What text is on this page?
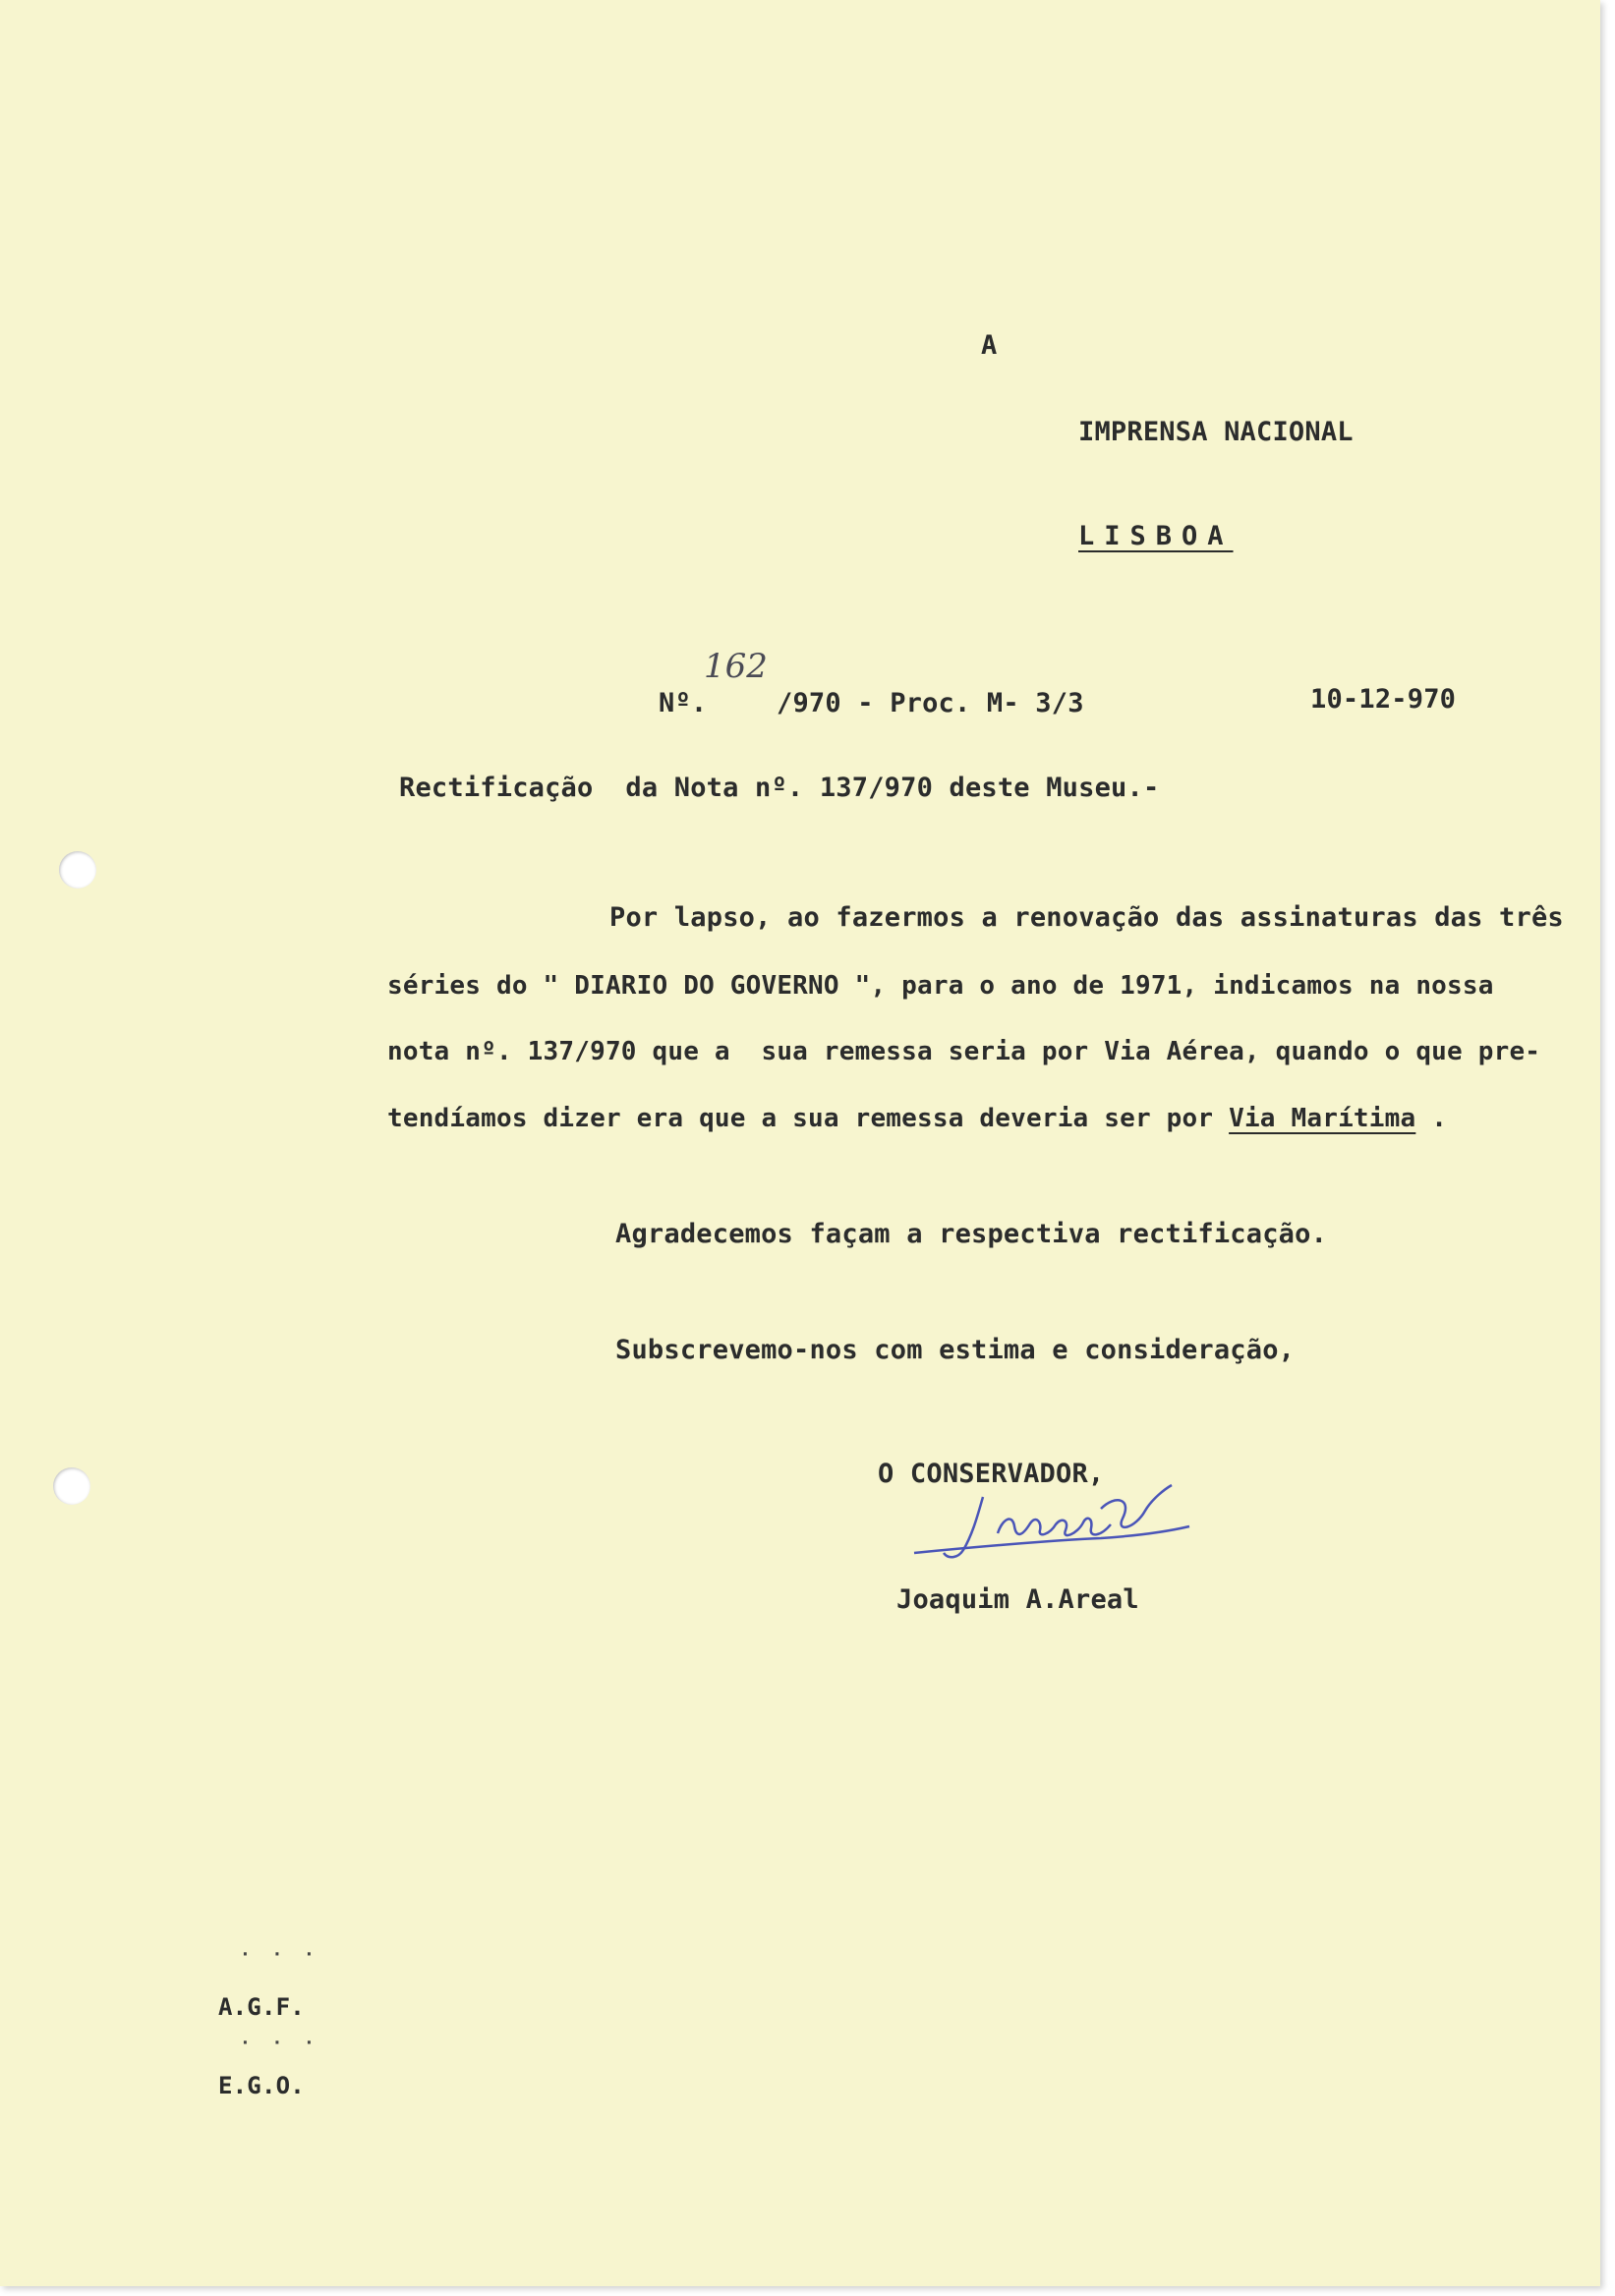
A
IMPRENSA NACIONAL
LISBOA
Nº.
162
/970 - Proc. M- 3/3	10-12-970
Rectificação  da Nota nº. 137/970 deste Museu.-
Por lapso, ao fazermos a renovação das assinaturas das três
séries do " DIARIO DO GOVERNO ", para o ano de 1971, indicamos na nossa
nota nº. 137/970 que a  sua remessa seria por Via Aérea, quando o que pre-
tendíamos dizer era que a sua remessa deveria ser por Via Marítima .
Agradecemos façam a respectiva rectificação.
Subscrevemo-nos com estima e consideração,
O CONSERVADOR,
Joaquim A.Areal
·  ·  ·
A.G.F.
·  ·  ·
E.G.O.
